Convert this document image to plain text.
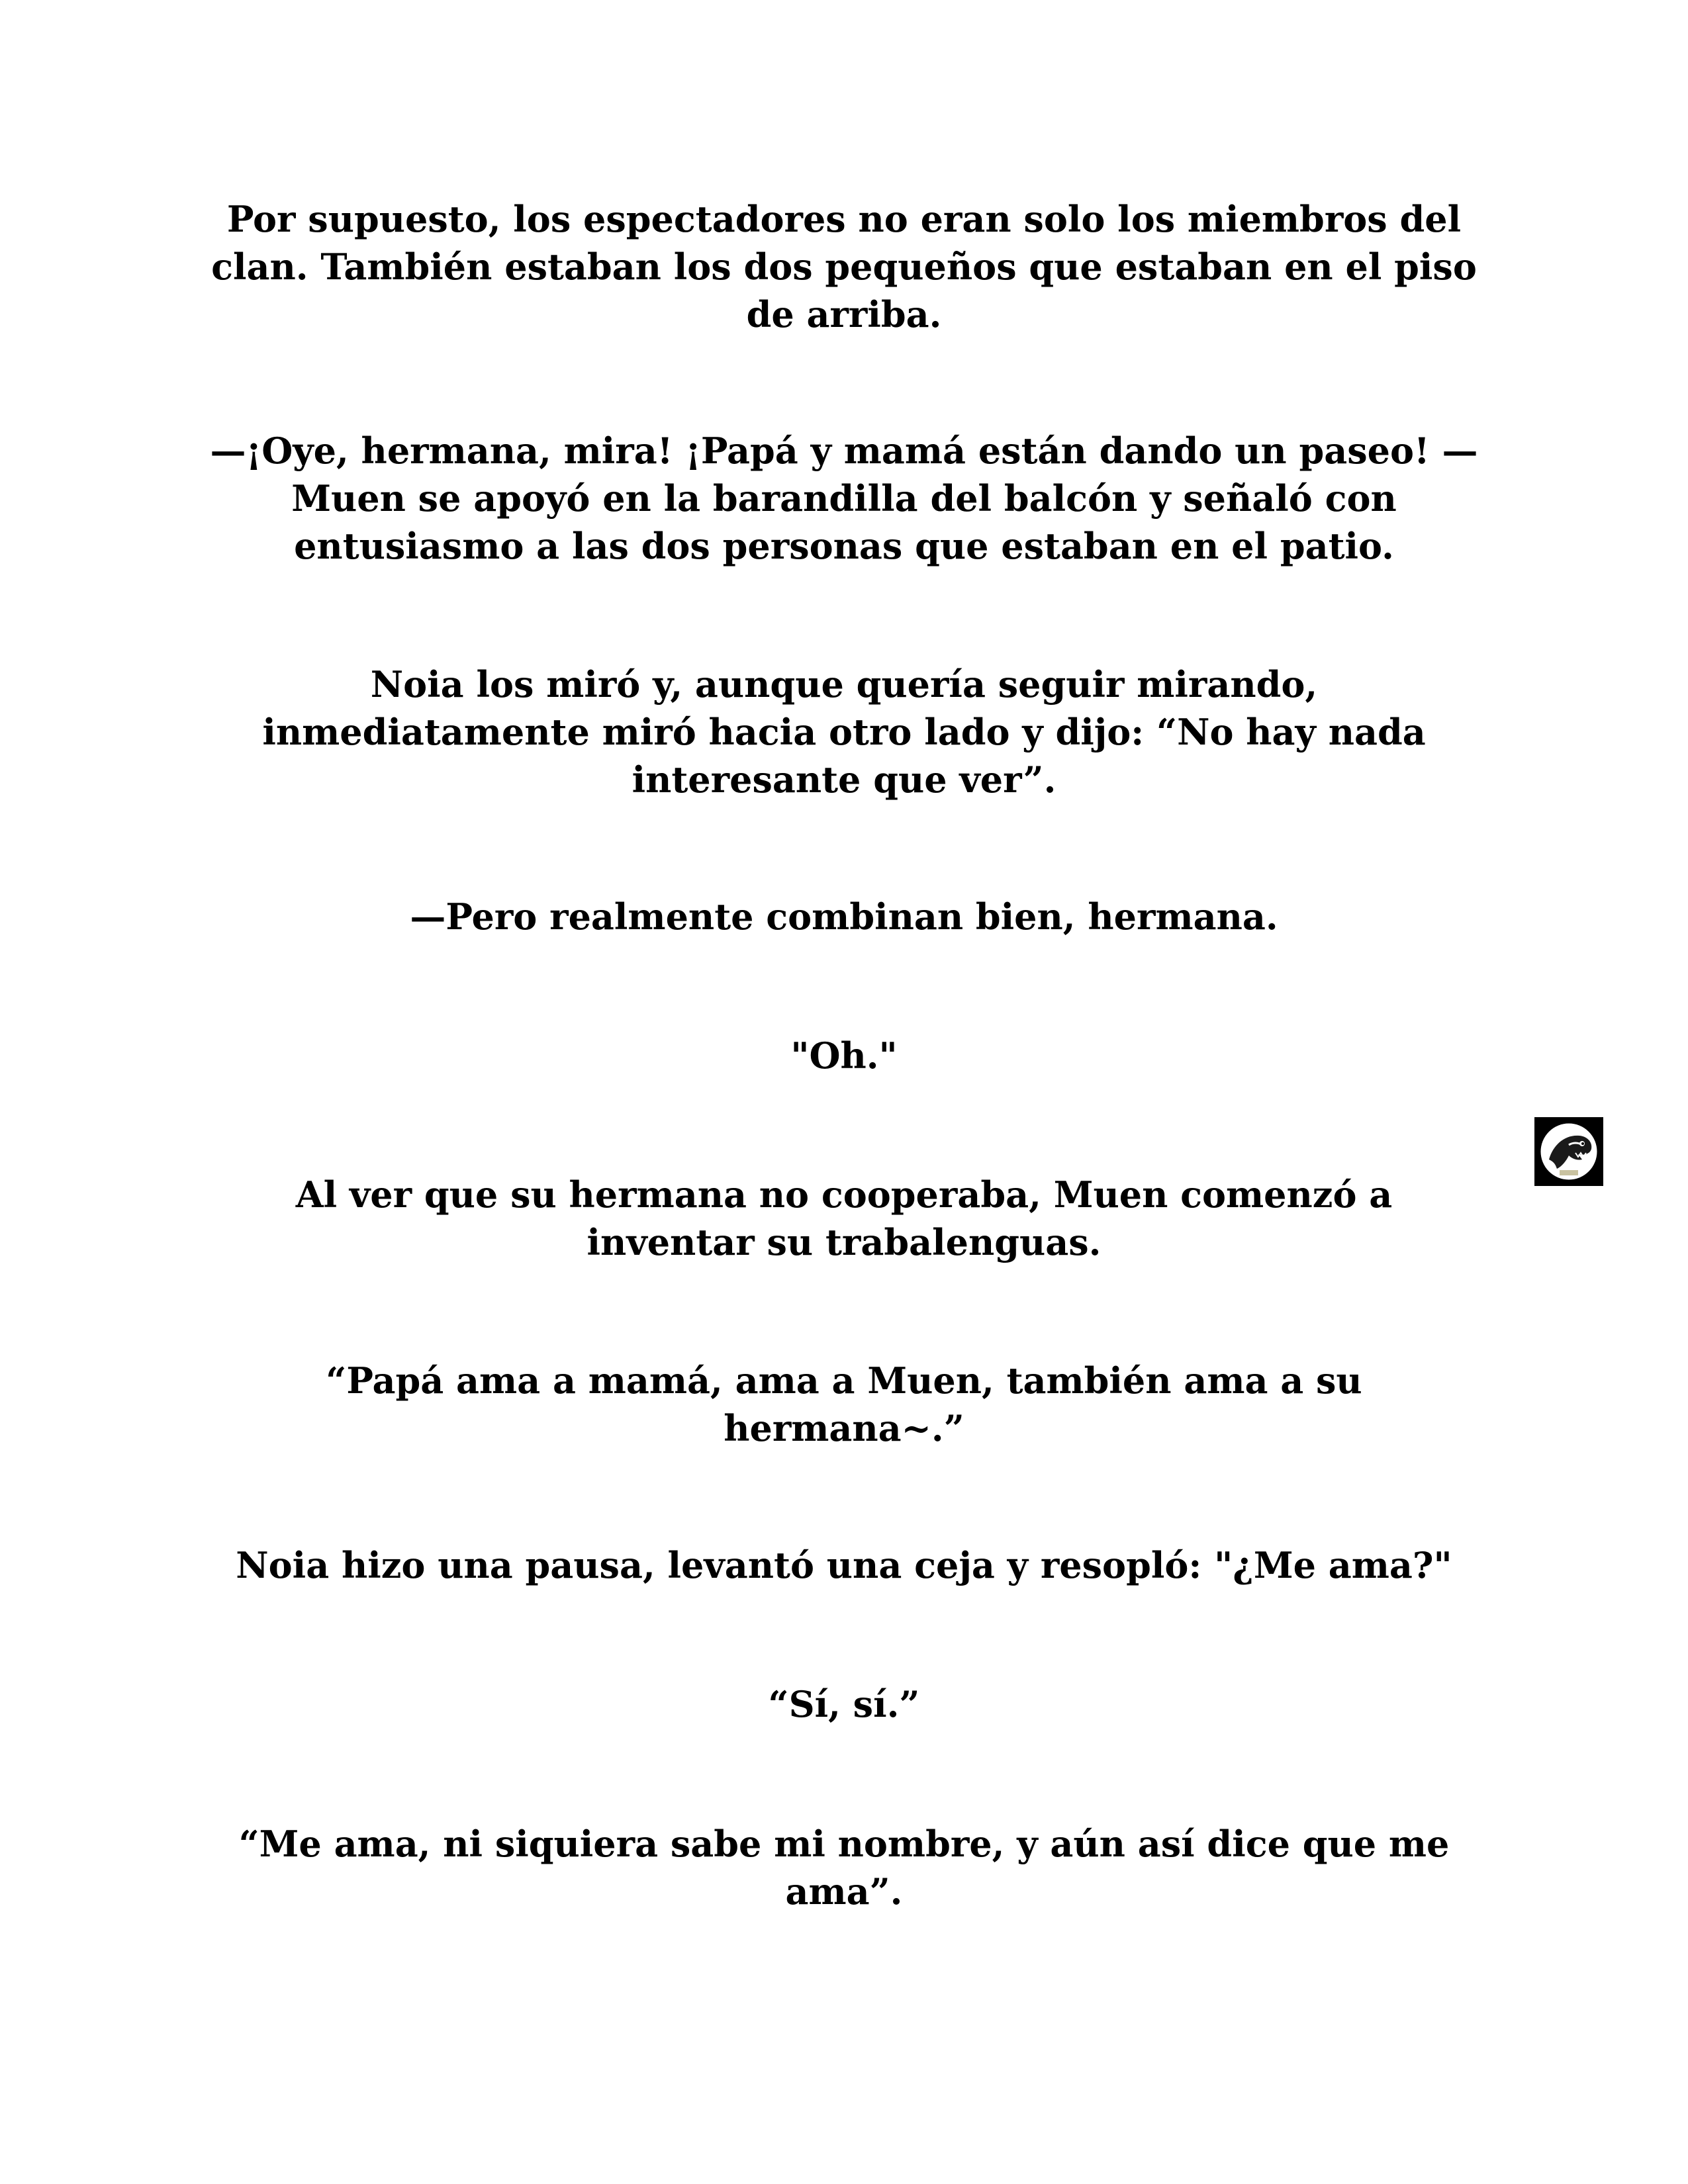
Por supuesto, los espectadores no eran solo los miembros del
clan. También estaban los dos pequeños que estaban en el piso
de arriba.
—¡Oye, hermana, mira! ¡Papá y mamá están dando un paseo! —
Muen se apoyó en la barandilla del balcón y señaló con
entusiasmo a las dos personas que estaban en el patio.
Noia los miró y, aunque quería seguir mirando,
inmediatamente miró hacia otro lado y dijo: “No hay nada
interesante que ver”.
—Pero realmente combinan bien, hermana.
"Oh."
Al ver que su hermana no cooperaba, Muen comenzó a
inventar su trabalenguas.
“Papá ama a mamá, ama a Muen, también ama a su
hermana~.”
Noia hizo una pausa, levantó una ceja y resopló: "¿Me ama?"
“Sí, sí.”
“Me ama, ni siquiera sabe mi nombre, y aún así dice que me
ama”.
